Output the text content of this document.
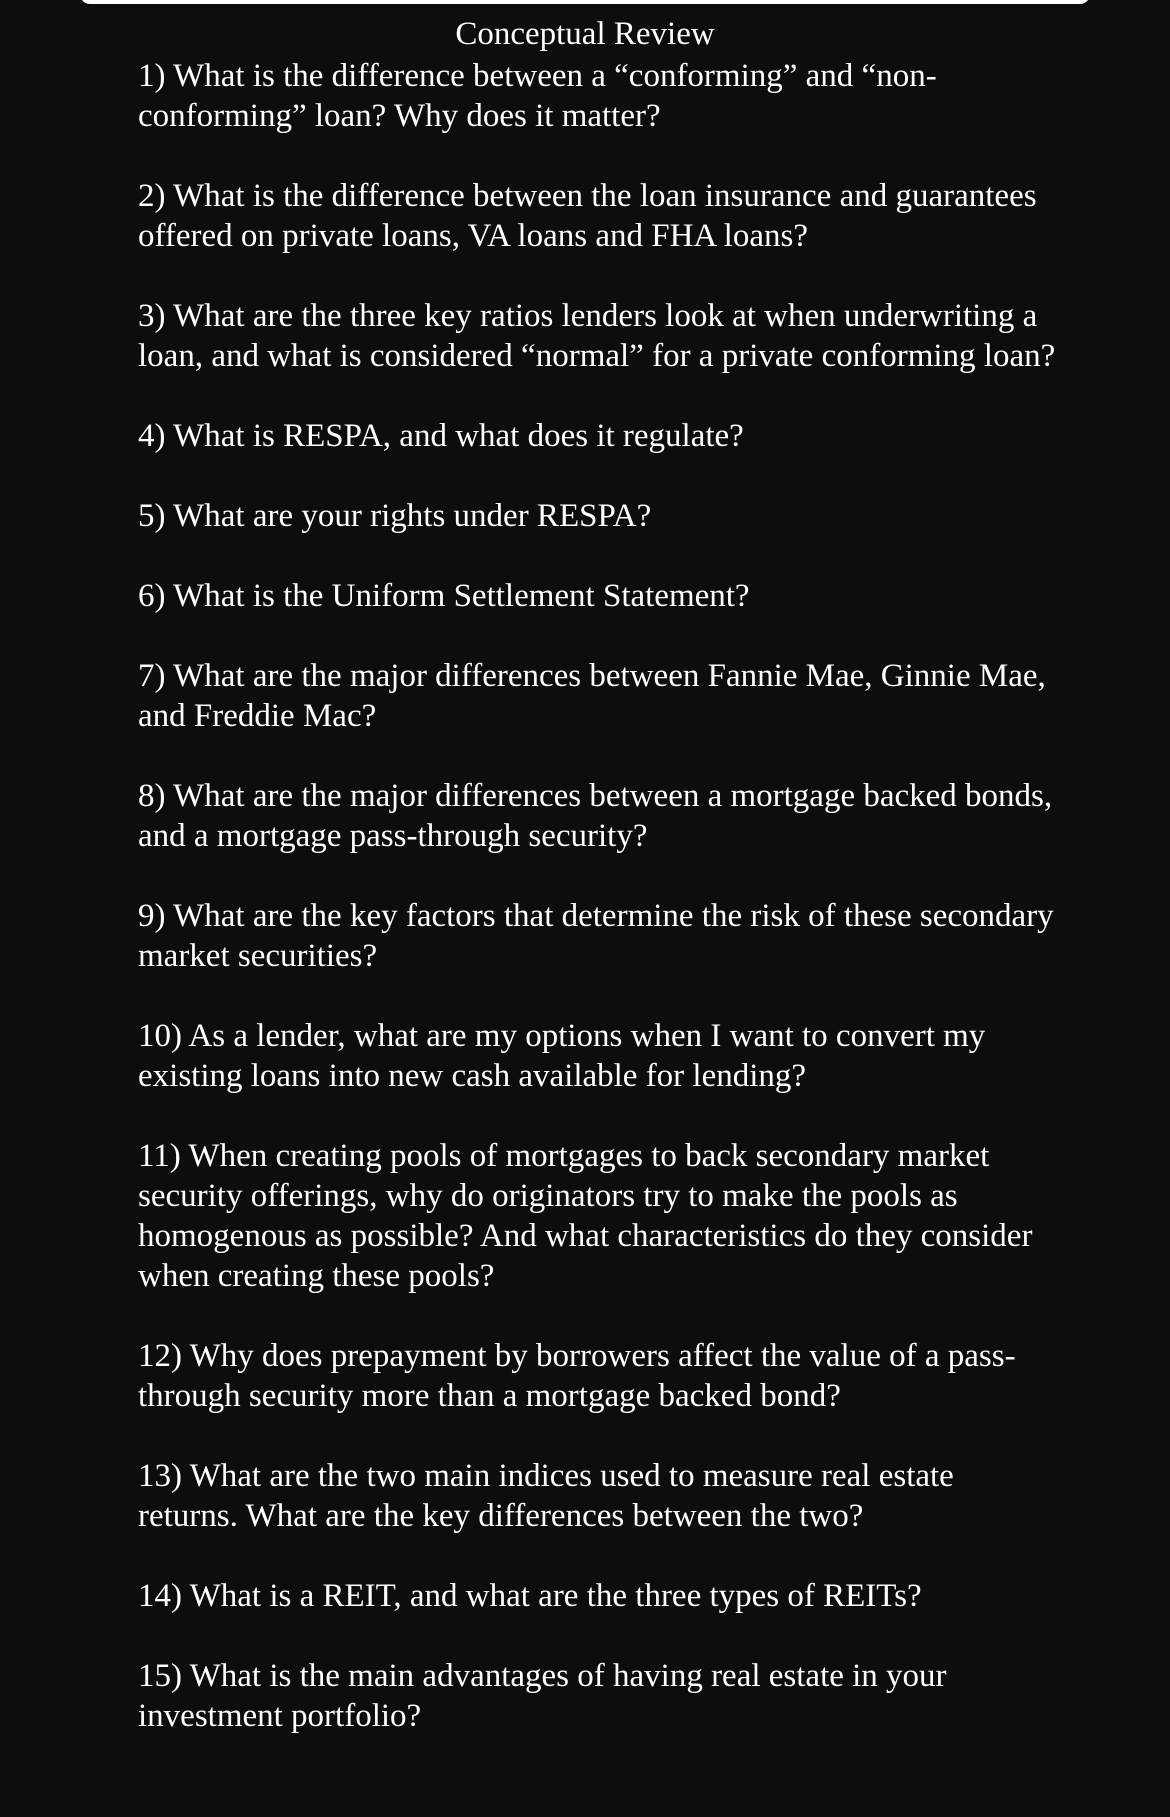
Conceptual Review
1) What is the difference between a “conforming” and “non-conforming” loan? Why does it matter?
2) What is the difference between the loan insurance and guarantees offered on private loans, VA loans and FHA loans?
3) What are the three key ratios lenders look at when underwriting a loan, and what is considered “normal” for a private conforming loan?
4) What is RESPA, and what does it regulate?
5) What are your rights under RESPA?
6) What is the Uniform Settlement Statement?
7) What are the major differences between Fannie Mae, Ginnie Mae, and Freddie Mac?
8) What are the major differences between a mortgage backed bonds, and a mortgage pass-through security?
9) What are the key factors that determine the risk of these secondary market securities?
10) As a lender, what are my options when I want to convert my existing loans into new cash available for lending?
11) When creating pools of mortgages to back secondary market security offerings, why do originators try to make the pools as homogenous as possible? And what characteristics do they consider when creating these pools?
12) Why does prepayment by borrowers affect the value of a pass-through security more than a mortgage backed bond?
13) What are the two main indices used to measure real estate returns. What are the key differences between the two?
14) What is a REIT, and what are the three types of REITs?
15) What is the main advantages of having real estate in your investment portfolio?
